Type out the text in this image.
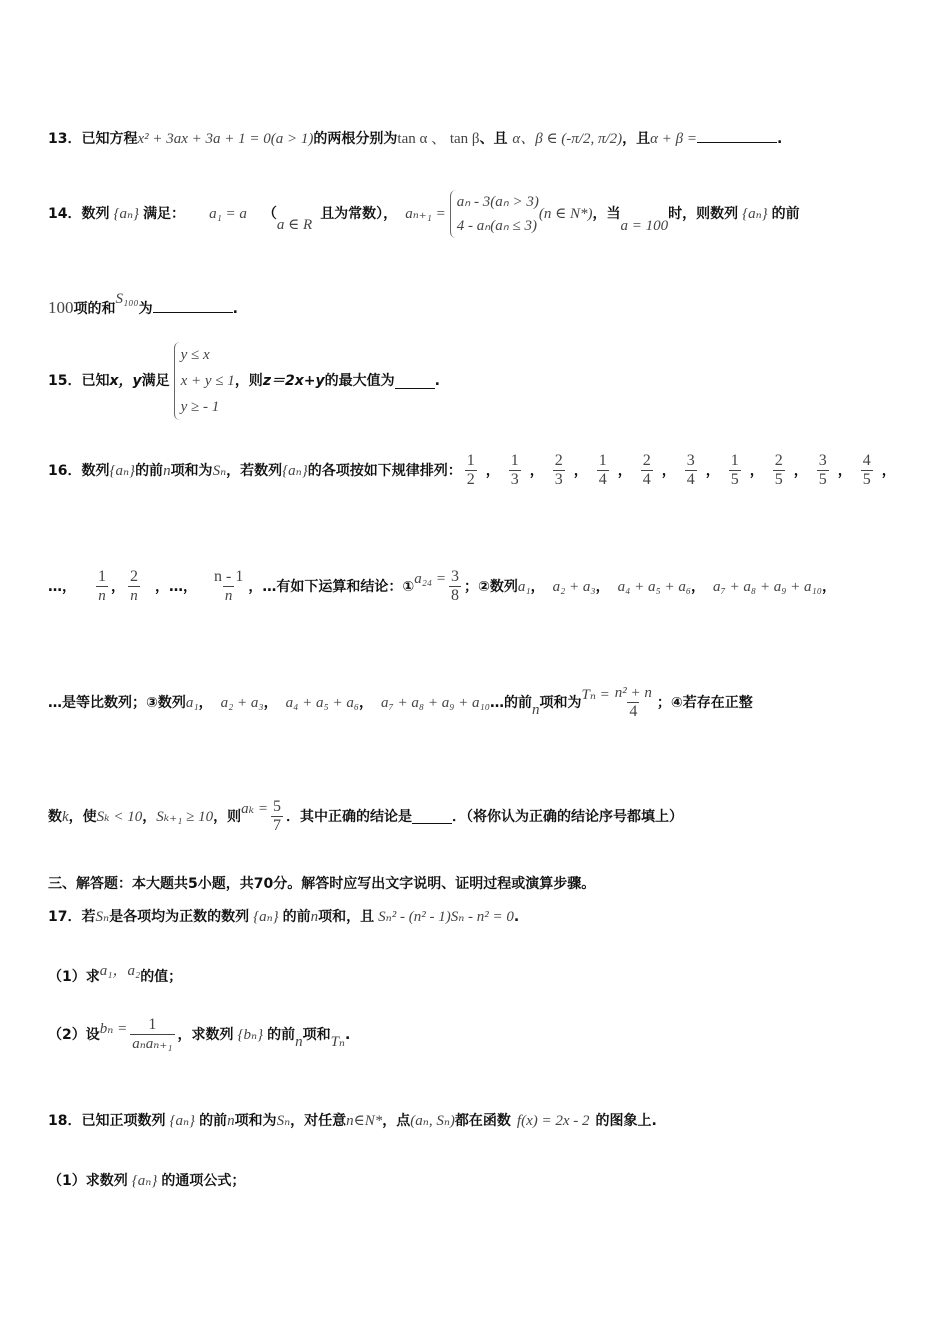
13．已知方程x² + 3ax + 3a + 1 = 0(a > 1)的两根分别为tan α 、 tan β、且 α、β ∈ (-π/2, π/2)，且α + β =	.
14． 数列 {aₙ} 满足： a₁ = a （
a ∈ R
且为常数）， aₙ₊₁ =
aₙ - 3(aₙ > 3)
4 - aₙ(aₙ ≤ 3)
(n ∈ N*) ，当
a = 100
时，则数列 {aₙ} 的前
100项的和S₁₀₀为	.
15． 已知 x，y 满足
y ≤ x
x + y ≤ 1
y ≥ - 1
，则 z＝2x+y 的最大值为	.
16． 数列 {aₙ} 的前 n 项和为 Sₙ ，若数列 {aₙ} 的各项按如下规律排列： $\frac{1}{2}$ ， $\frac{1}{3}$ ， $\frac{2}{3}$ ， $\frac{1}{4}$ ， $\frac{2}{4}$ ， $\frac{3}{4}$ ， $\frac{1}{5}$ ， $\frac{2}{5}$ ， $\frac{3}{5}$ ， $\frac{4}{5}$ ，
…， $\frac{1}{n}$ ， $\frac{2}{n}$ ，…， $\frac{n - 1}{n}$ ，…有如下运算和结论：① $a_{24} = \frac{3}{8}$ ；②数列 a₁ ， a₂ + a₃ ， a₄ + a₅ + a₆ ， a₇ + a₈ + a₉ + a₁₀ ，
…是等比数列；③数列 a₁ ， a₂ + a₃ ， a₄ + a₅ + a₆ ， a₇ + a₈ + a₉ + a₁₀ …的前 n 项和为 $T_n = \frac{\text{n² + n}}{4}$ ；④若存在正整
数 k ，使 Sₖ < 10 ， Sₖ₊₁ ≥ 10 ，则 $a_k = \frac{5}{7}$ ．其中正确的结论是	．（将你认为正确的结论序号都填上）
三、解答题：本大题共5小题，共70分。解答时应写出文字说明、证明过程或演算步骤。
17．若Sₙ是各项均为正数的数列 {aₙ} 的前n项和，且 Sₙ² - (n² - 1)Sₙ - n² = 0.
（1）求a₁，a₂的值；
（2）设 $b_n = \frac{1}{\text{aₙaₙ₊₁}}$ ，求数列 {bₙ} 的前 n 项和 Tₙ .
18．已知正项数列 {aₙ} 的前n项和为Sₙ，对任意n∈N*，点(aₙ, Sₙ)都在函数 f(x) = 2x - 2 的图象上.
（1）求数列 {aₙ} 的通项公式；
